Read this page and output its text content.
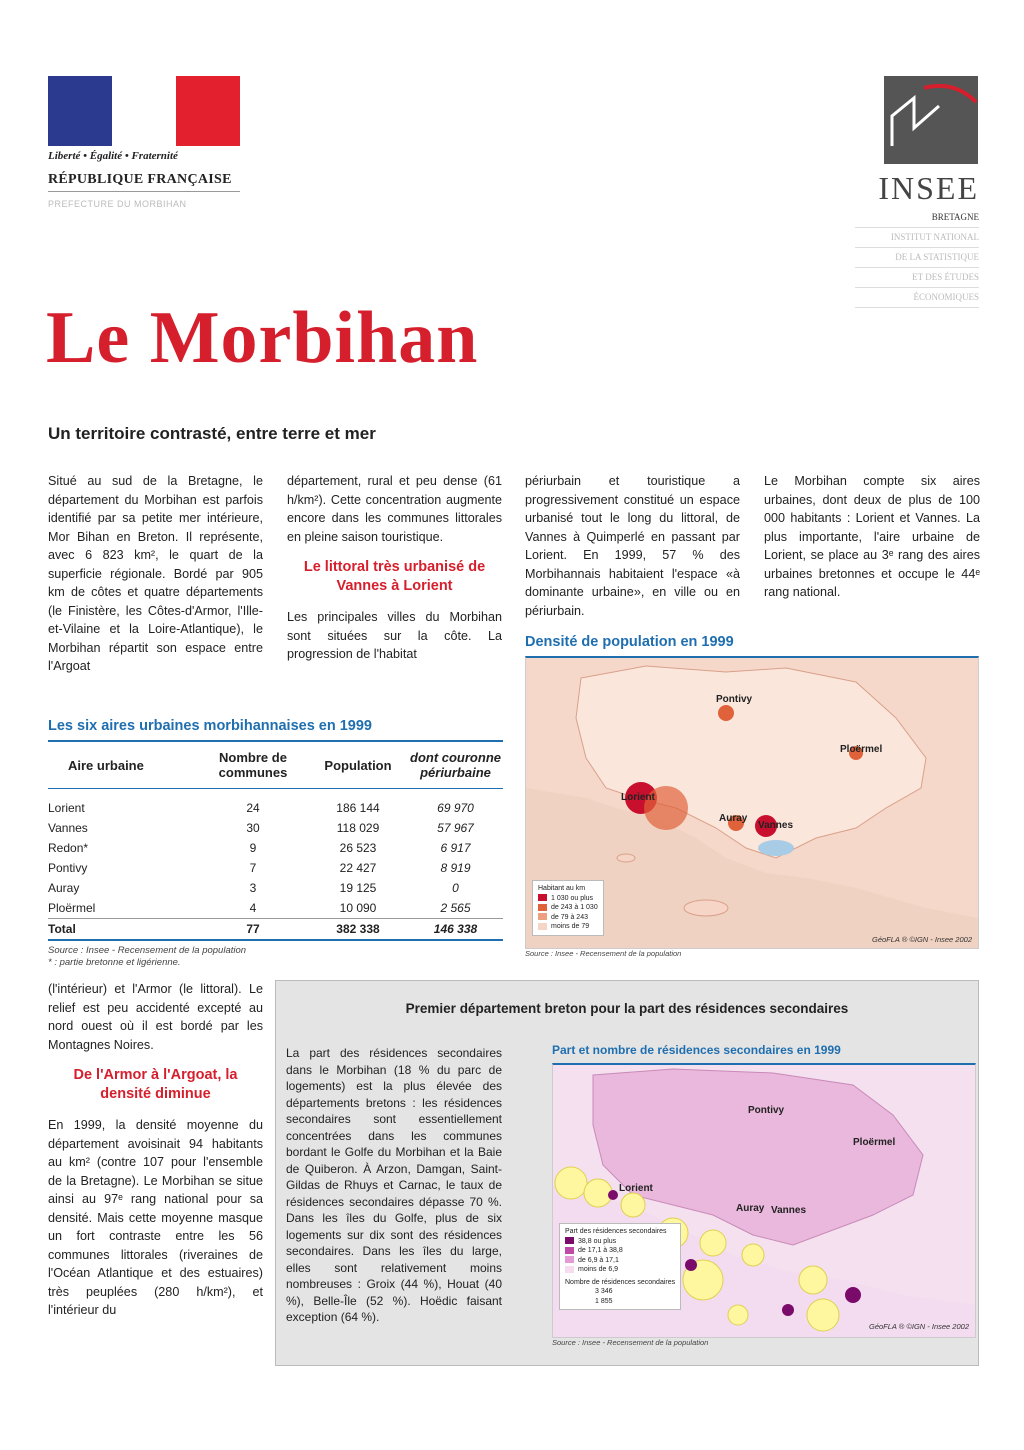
Liberté • Égalité • Fraternité
RÉPUBLIQUE FRANÇAISE
PREFECTURE DU MORBIHAN	INSEE
BRETAGNE
INSTITUT NATIONAL
DE LA STATISTIQUE
ET DES ÉTUDES
ÉCONOMIQUES
Le Morbihan
Un territoire contrasté, entre terre et mer

Situé au sud de la Bretagne, le département du Morbihan est parfois identifié par sa petite mer intérieure, Mor Bihan en Breton. Il représente, avec 6 823 km², le quart de la superficie régionale. Bordé par 905 km de côtes et quatre départements (le Finistère, les Côtes-d'Armor, l'Ille-et-Vilaine et la Loire-Atlantique), le Morbihan répartit son espace entre l'Argoat

département, rural et peu dense (61 h/km²). Cette concentration augmente encore dans les communes littorales en pleine saison touristique.

Le littoral très urbanisé de Vannes à Lorient

Les principales villes du Morbihan sont situées sur la côte. La progression de l'habitat

périurbain et touristique a progressivement constitué un espace urbanisé tout le long du littoral, de Vannes à Quimperlé en passant par Lorient. En 1999, 57 % des Morbihannais habitaient l'espace «à dominante urbaine», en ville ou en périurbain.

Le Morbihan compte six aires urbaines, dont deux de plus de 100 000 habitants : Lorient et Vannes. La plus importante, l'aire urbaine de Lorient, se place au 3ᵉ rang des aires urbaines bretonnes et occupe le 44ᵉ rang national.

Les six aires urbaines morbihannaises en 1999
Aire urbaine	Nombre de communes	Population	dont couronne périurbaine

Lorient	24	186 144	69 970
Vannes	30	118 029	57 967
Redon*	9	26 523	6 917
Pontivy	7	22 427	8 919
Auray	3	19 125	0
Ploërmel	4	10 090	2 565
Total	77	382 338	146 338
Source : Insee - Recensement de la population
* : partie bretonne et ligérienne.
Densité de population en 1999
Pontivy
Ploërmel
Lorient
Auray
Vannes
Habitant au km
1 030 ou plus
de 243 à 1 030
de 79 à 243
moins de 79
GéoFLA ® ©IGN - Insee 2002
Source : Insee - Recensement de la population

(l'intérieur) et l'Armor (le littoral). Le relief est peu accidenté excepté au nord ouest où il est bordé par les Montagnes Noires.

De l'Armor à l'Argoat, la densité diminue

En 1999, la densité moyenne du département avoisinait 94 habitants au km² (contre 107 pour l'ensemble de la Bretagne). Le Morbihan se situe ainsi au 97ᵉ rang national pour sa densité. Mais cette moyenne masque un fort contraste entre les 56 communes littorales (riveraines de l'Océan Atlantique et des estuaires) très peuplées (280 h/km²), et l'intérieur du

Premier département breton pour la part des résidences secondaires
La part des résidences secondaires dans le Morbihan (18 % du parc de logements) est la plus élevée des départements bretons : les résidences secondaires sont essentiellement concentrées dans les communes bordant le Golfe du Morbihan et la Baie de Quiberon. À Arzon, Damgan, Saint-Gildas de Rhuys et Carnac, le taux de résidences secondaires dépasse 70 %. Dans les îles du Golfe, plus de six logements sur dix sont des résidences secondaires. Dans les îles du large, elles sont relativement moins nombreuses : Groix (44 %), Houat (40 %), Belle-Île (52 %). Hoëdic faisant exception (64 %).
Part et nombre de résidences secondaires en 1999
Pontivy
Ploërmel
Lorient
Auray Vannes
Part des résidences secondaires
38,8 ou plus
de 17,1 à 38,8
de 6,9 à 17,1
moins de 6,9
Nombre de résidences secondaires
3 346
1 855
GéoFLA ® ©IGN - Insee 2002
Source : Insee - Recensement de la population
